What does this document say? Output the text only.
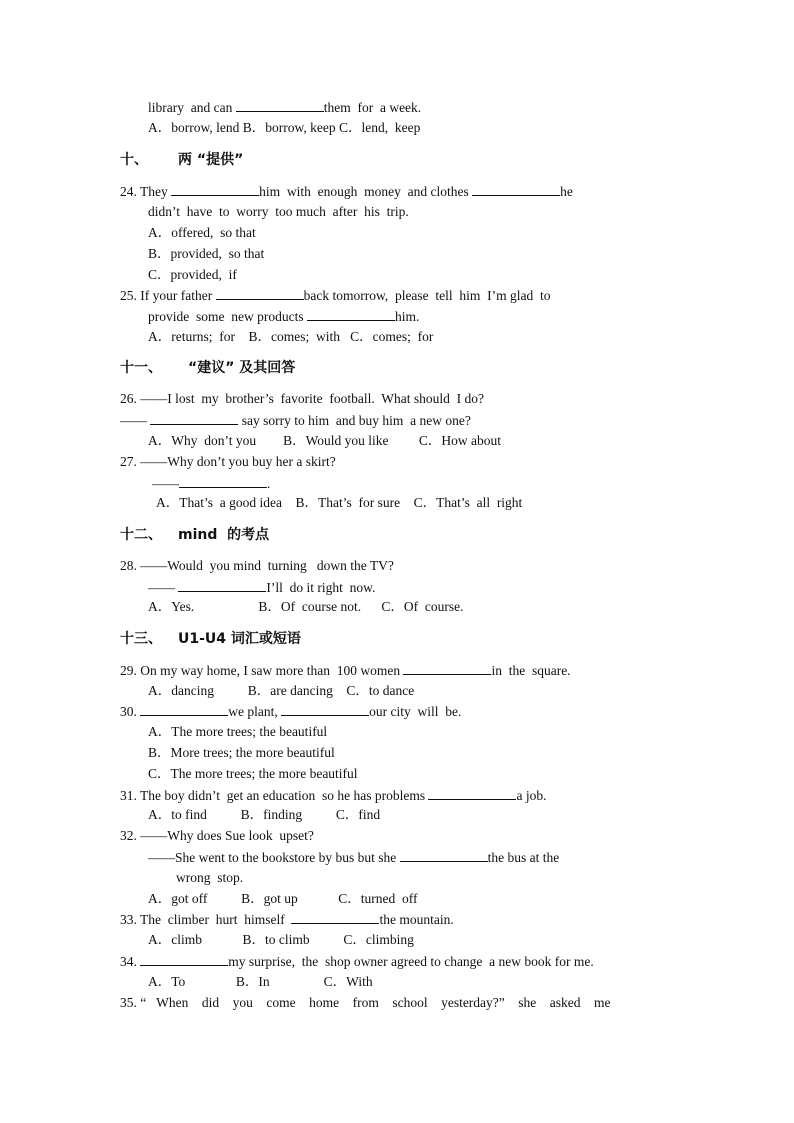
library  and can	them  for  a week.
A．borrow, lend B．borrow, keep C．lend,  keep
十、 两 “提供”
24. They	him  with  enough  money  and clothes	he
didn’t  have  to  worry  too much  after  his  trip.
A．offered,  so that
B．provided,  so that
C．provided,  if
25. If your father	back tomorrow,  please  tell  him  I’m glad  to
provide  some  new products	him.
A．returns;  for    B．comes;  with   C．comes;  for
十一、 “建议” 及其回答
26. ——I lost  my  brother’s  favorite  football.  What should  I do?
——	say sorry to him  and buy him  a new one?
A．Why  don’t you        B．Would you like         C．How about
27. ——Why don’t you buy her a skirt?
——	.
A．That’s  a good idea    B．That’s  for sure    C．That’s  all  right
十二、 mind  的考点
28. ——Would  you mind  turning   down the TV?
——	I’ll  do it right  now.
A．Yes.                   B．Of  course not.      C．Of  course.
十三、 U1-U4 词汇或短语
29. On my way home, I saw more than  100 women	in  the  square.
A．dancing          B．are dancing    C．to dance
30.	we plant,	our city  will  be.
A．The more trees; the beautiful
B．More trees; the more beautiful
C．The more trees; the more beautiful
31. The boy didn’t  get an education  so he has problems	a job.
A．to find          B．finding          C．find
32. ——Why does Sue look  upset?
——She went to the bookstore by bus but she	the bus at the
wrong  stop.
A．got off          B．got up            C．turned  off
33. The  climber  hurt  himself	the mountain.
A．climb            B．to climb          C．climbing
34.	my surprise,  the  shop owner agreed to change  a new book for me.
A．To               B．In                C．With
35. “   When    did    you    come    home    from    school    yesterday?”    she    asked    me
